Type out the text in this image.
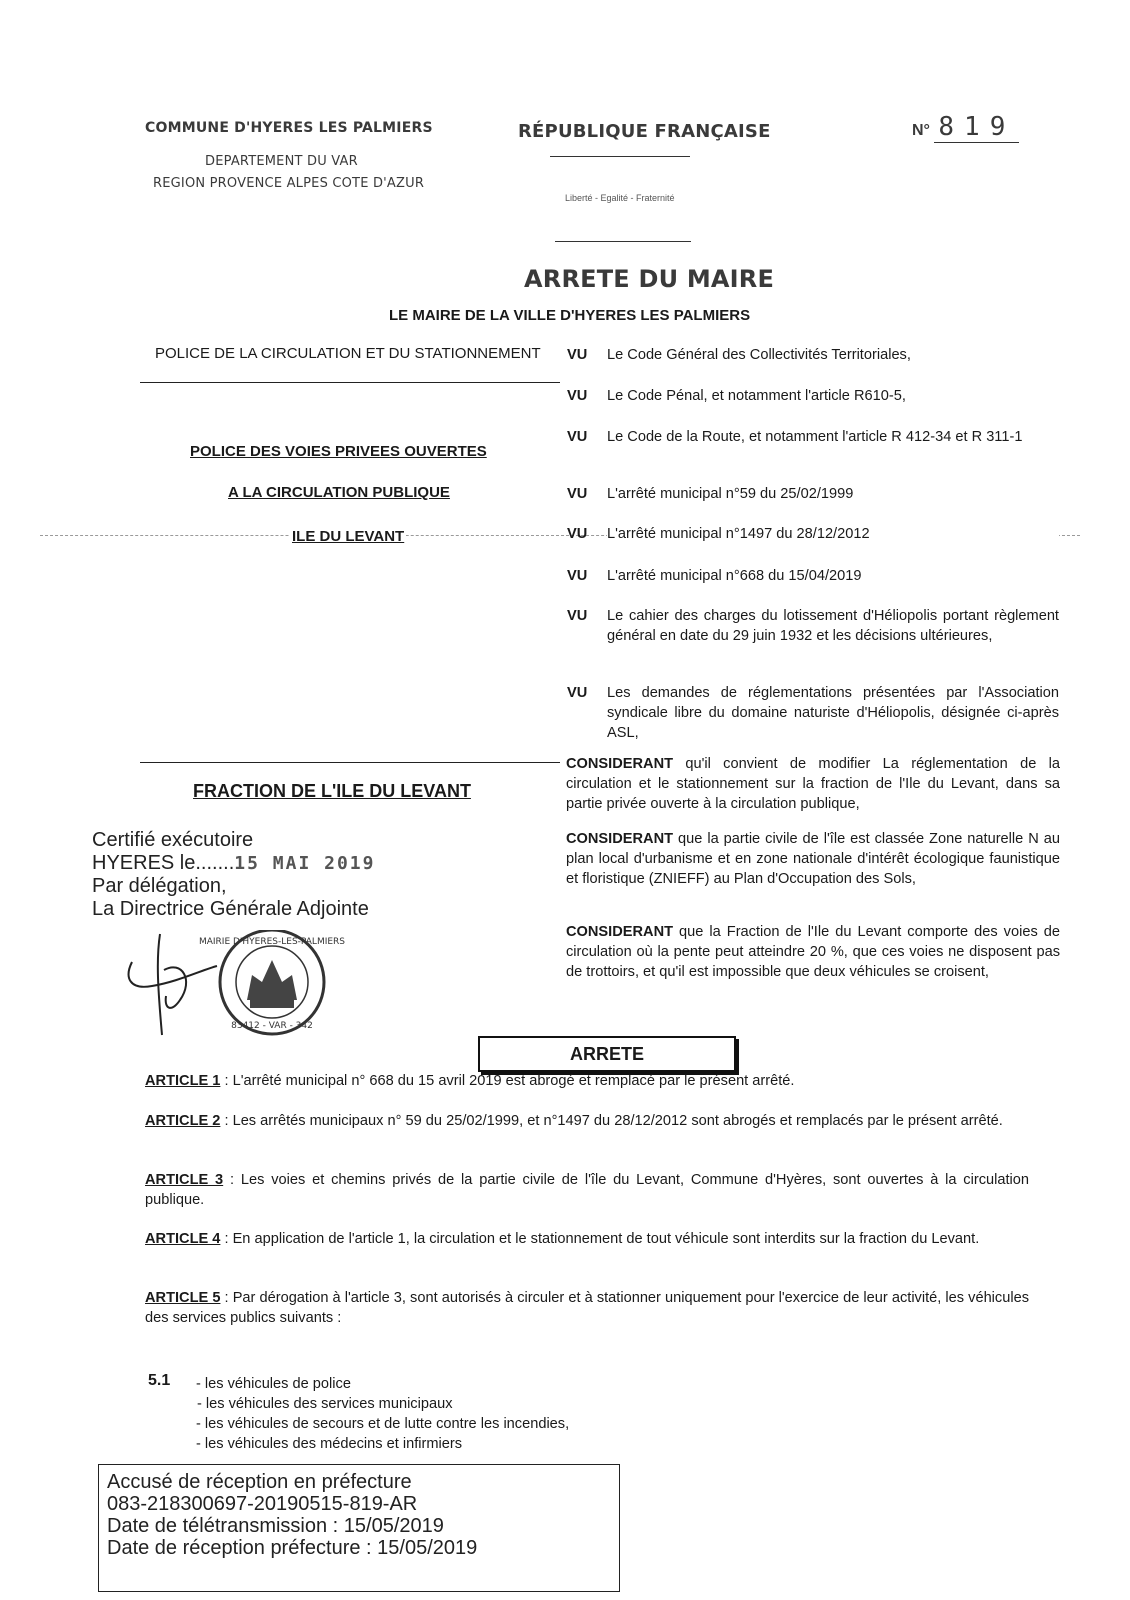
COMMUNE D'HYERES LES PALMIERS
DEPARTEMENT DU VAR
REGION PROVENCE ALPES COTE D'AZUR
RÉPUBLIQUE FRANÇAISE
Liberté - Egalité - Fraternité
N° 819
ARRETE DU MAIRE
LE MAIRE DE LA VILLE D'HYERES LES PALMIERS
POLICE DE LA CIRCULATION ET DU STATIONNEMENT
POLICE DES VOIES PRIVEES OUVERTES
A LA CIRCULATION PUBLIQUE
ILE DU LEVANT
FRACTION DE L'ILE DU LEVANT
Certifié exécutoire
HYERES le.......15 MAI 2019
Par délégation,
La Directrice Générale Adjointe
MAIRIE D'HYERES-LES-PALMIERS
83412 - VAR - 342
VU Le Code Général des Collectivités Territoriales,
VU Le Code Pénal, et notamment l'article R610-5,
VU Le Code de la Route, et notamment l'article R 412-34 et R 311-1
VU L'arrêté municipal n°59 du 25/02/1999
VU L'arrêté municipal n°1497 du 28/12/2012
VU L'arrêté municipal n°668 du 15/04/2019
VU Le cahier des charges du lotissement d'Héliopolis portant règlement général en date du 29 juin 1932 et les décisions ultérieures,
VU Les demandes de réglementations présentées par l'Association syndicale libre du domaine naturiste d'Héliopolis, désignée ci-après ASL,
CONSIDERANT qu'il convient de modifier La réglementation de la circulation et le stationnement sur la fraction de l'Ile du Levant, dans sa partie privée ouverte à la circulation publique,
CONSIDERANT que la partie civile de l'île est classée Zone naturelle N au plan local d'urbanisme et en zone nationale d'intérêt écologique faunistique et floristique (ZNIEFF) au Plan d'Occupation des Sols,
CONSIDERANT que la Fraction de l'Ile du Levant comporte des voies de circulation où la pente peut atteindre 20 %, que ces voies ne disposent pas de trottoirs, et qu'il est impossible que deux véhicules se croisent,
ARRETE
ARTICLE 1 : L'arrêté municipal n° 668 du 15 avril 2019 est abrogé et remplacé par le présent arrêté.
ARTICLE 2 : Les arrêtés municipaux n° 59 du 25/02/1999, et n°1497 du 28/12/2012 sont abrogés et remplacés par le présent arrêté.
ARTICLE 3 : Les voies et chemins privés de la partie civile de l'île du Levant, Commune d'Hyères, sont ouvertes à la circulation publique.
ARTICLE 4 : En application de l'article 1, la circulation et le stationnement de tout véhicule sont interdits sur la fraction du Levant.
ARTICLE 5 : Par dérogation à l'article 3, sont autorisés à circuler et à stationner uniquement pour l'exercice de leur activité, les véhicules des services publics suivants :
5.1 - les véhicules de police
- les véhicules des services municipaux
- les véhicules de secours et de lutte contre les incendies,
- les véhicules des médecins et infirmiers
Accusé de réception en préfecture
083-218300697-20190515-819-AR
Date de télétransmission : 15/05/2019
Date de réception préfecture : 15/05/2019
